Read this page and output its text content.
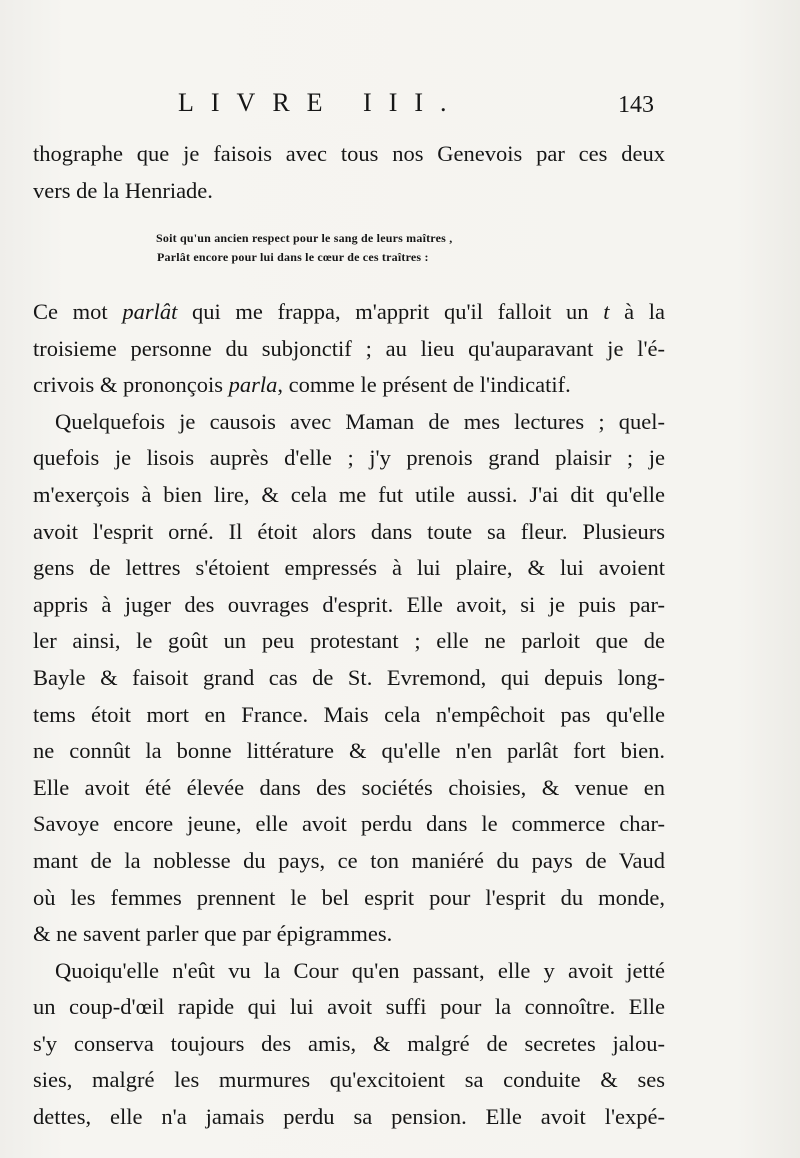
LIVRE III.	143
thographe que je faisois avec tous nos Genevois par ces deux
vers de la Henriade.
Soit qu'un ancien respect pour le sang de leurs maîtres ,
Parlât encore pour lui dans le cœur de ces traîtres :
Ce mot parlât qui me frappa, m'apprit qu'il falloit un t à la
troisieme personne du subjonctif ; au lieu qu'auparavant je l'é-
crivois & prononçois parla, comme le présent de l'indicatif.
Quelquefois je causois avec Maman de mes lectures ; quel-
quefois je lisois auprès d'elle ; j'y prenois grand plaisir ; je
m'exerçois à bien lire, & cela me fut utile aussi. J'ai dit qu'elle
avoit l'esprit orné. Il étoit alors dans toute sa fleur. Plusieurs
gens de lettres s'étoient empressés à lui plaire, & lui avoient
appris à juger des ouvrages d'esprit. Elle avoit, si je puis par-
ler ainsi, le goût un peu protestant ; elle ne parloit que de
Bayle & faisoit grand cas de St. Evremond, qui depuis long-
tems étoit mort en France. Mais cela n'empêchoit pas qu'elle
ne connût la bonne littérature & qu'elle n'en parlât fort bien.
Elle avoit été élevée dans des sociétés choisies, & venue en
Savoye encore jeune, elle avoit perdu dans le commerce char-
mant de la noblesse du pays, ce ton maniéré du pays de Vaud
où les femmes prennent le bel esprit pour l'esprit du monde,
& ne savent parler que par épigrammes.
Quoiqu'elle n'eût vu la Cour qu'en passant, elle y avoit jetté
un coup-d'œil rapide qui lui avoit suffi pour la connoître. Elle
s'y conserva toujours des amis, & malgré de secretes jalou-
sies, malgré les murmures qu'excitoient sa conduite & ses
dettes, elle n'a jamais perdu sa pension. Elle avoit l'expé-
